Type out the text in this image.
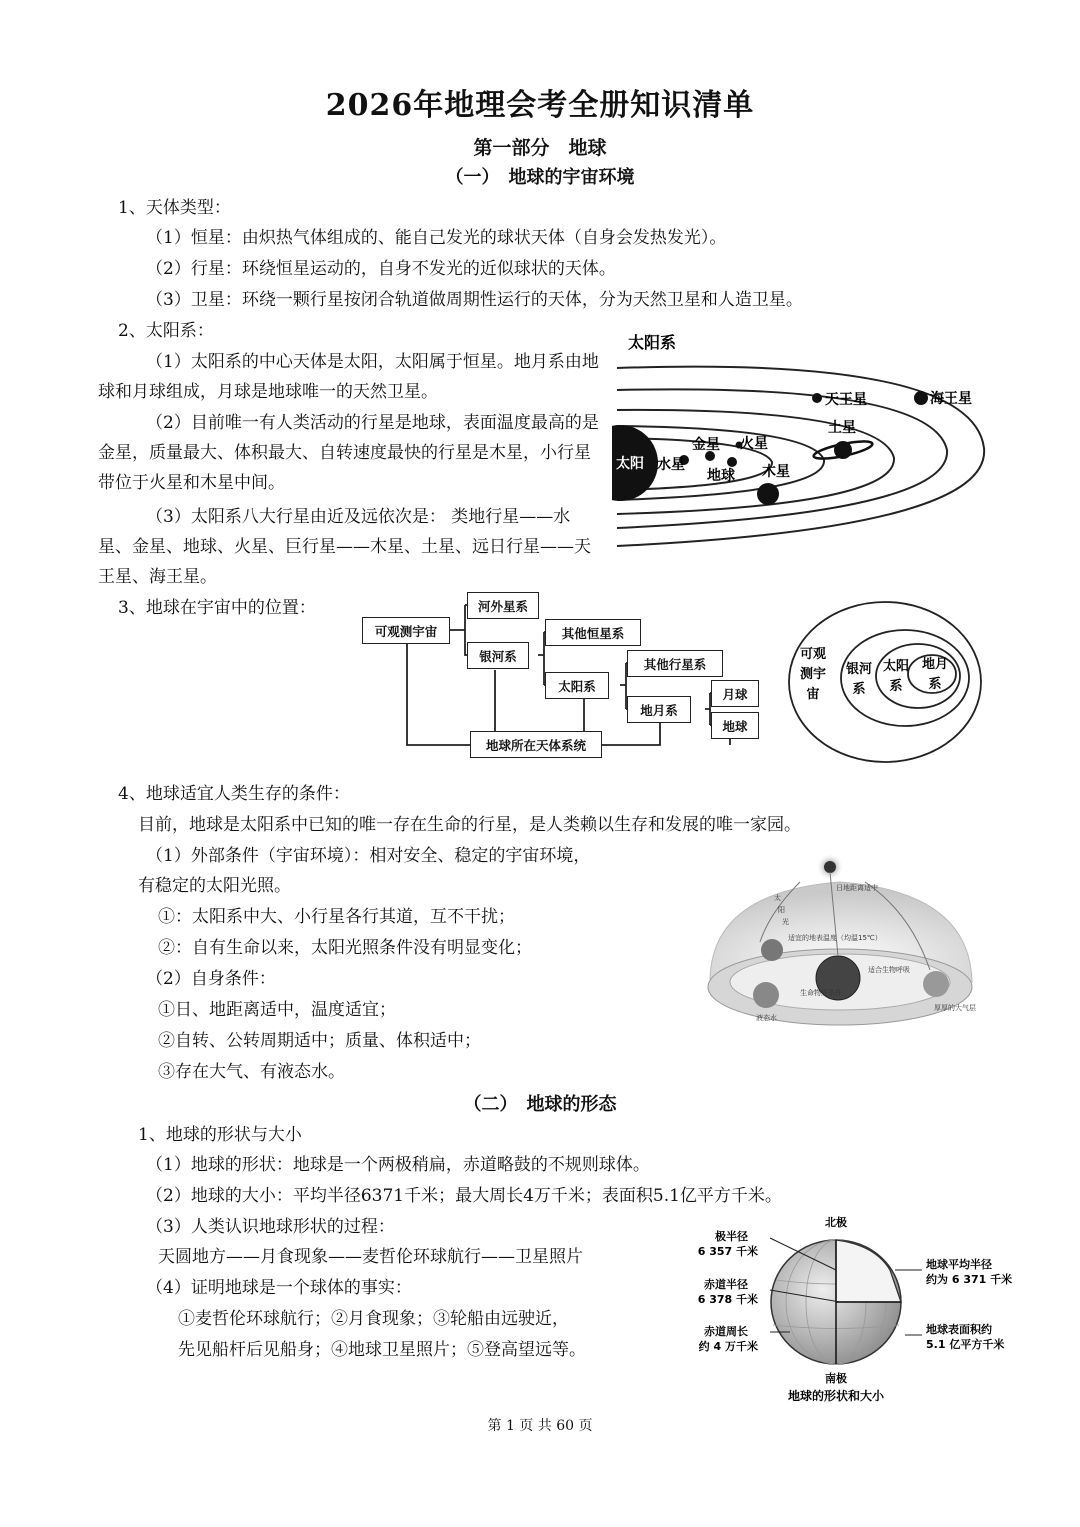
2026年地理会考全册知识清单
第一部分　地球
（一）　地球的宇宙环境
1、天体类型：
（1）恒星：由炽热气体组成的、能自己发光的球状天体（自身会发热发光）。
（2）行星：环绕恒星运动的，自身不发光的近似球状的天体。
（3）卫星：环绕一颗行星按闭合轨道做周期性运行的天体，分为天然卫星和人造卫星。
2、太阳系：
（1）太阳系的中心天体是太阳，太阳属于恒星。地月系由地球和月球组成，月球是地球唯一的天然卫星。
（2）目前唯一有人类活动的行星是地球，表面温度最高的是金星，质量最大、体积最大、自转速度最快的行星是木星，小行星带位于火星和木星中间。
（3）太阳系八大行星由近及远依次是： 类地行星——水星、金星、地球、火星、巨行星——木星、土星、远日行星——天王星、海王星。
太阳 水星
金星
地球
火星
木星
土星
天王星	海王星
太阳系
3、地球在宇宙中的位置：
可观测宇宙
河外星系
银河系
其他恒星系
太阳系
其他行星系
地月系
月球
地球
地球所在天体系统
可观
测宇
宙
银河
系
太阳
系
地月
系
4、地球适宜人类生存的条件：
目前，地球是太阳系中已知的唯一存在生命的行星，是人类赖以生存和发展的唯一家园。
（1）外部条件（宇宙环境）：相对安全、稳定的宇宙环境，
有稳定的太阳光照。
①：太阳系中大、小行星各行其道，互不干扰；
②：自有生命以来，太阳光照条件没有明显变化；
（2）自身条件：
①日、地距离适中，温度适宜；
②自转、公转周期适中；质量、体积适中；
③存在大气、有液态水。
太
阳
光
日地距离适中
适宜的地表温度（均温15℃）
生命物质条件
适合生物呼吸
液态水
厚厚的大气层
（二）　地球的形态
1、地球的形状与大小
（1）地球的形状：地球是一个两极稍扁，赤道略鼓的不规则球体。
（2）地球的大小：平均半径6371千米；最大周长4万千米；表面积5.1亿平方千米。
（3）人类认识地球形状的过程：
天圆地方——月食现象——麦哲伦环球航行——卫星照片
（4）证明地球是一个球体的事实：
①麦哲伦环球航行；②月食现象；③轮船由远驶近，
先见船杆后见船身；④地球卫星照片；⑤登高望远等。
北极
南极
极半径
6 357 千米
赤道半径
6 378 千米
赤道周长
约 4 万千米
地球平均半径
约为 6 371 千米
地球表面积约
5.1 亿平方千米
地球的形状和大小
第 1 页 共 60 页
